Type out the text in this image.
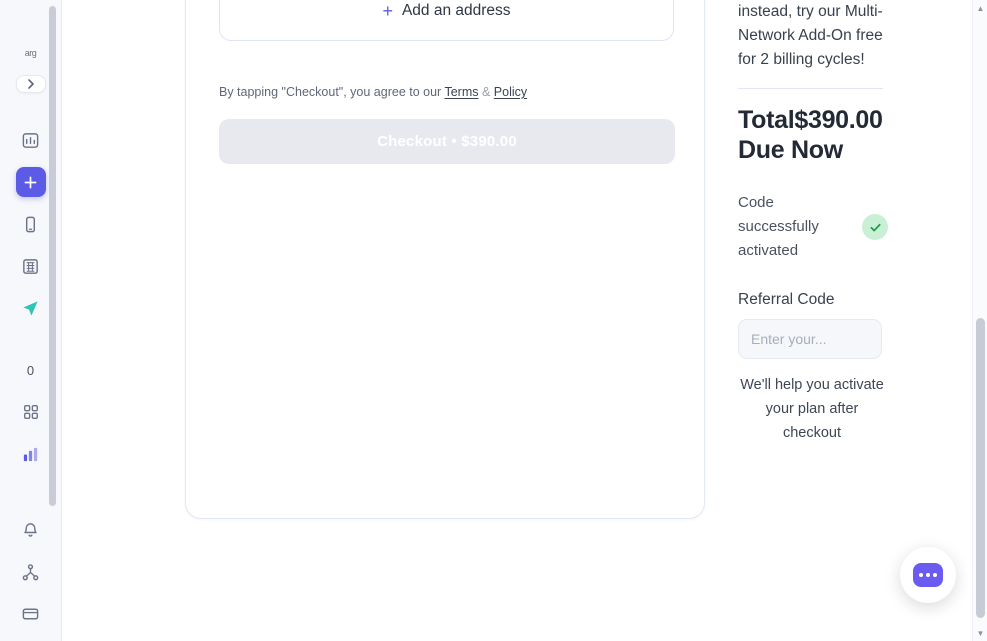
arg
0
+ Add an address
By tapping "Checkout", you agree to our Terms & Policy
Checkout • $390.00
instead, try our Multi-Network Add-On free for 2 billing cycles!
Total$390.00 Due Now
Code successfully activated
Referral Code
Enter your...
We'll help you activate your plan after checkout
▲
▼
